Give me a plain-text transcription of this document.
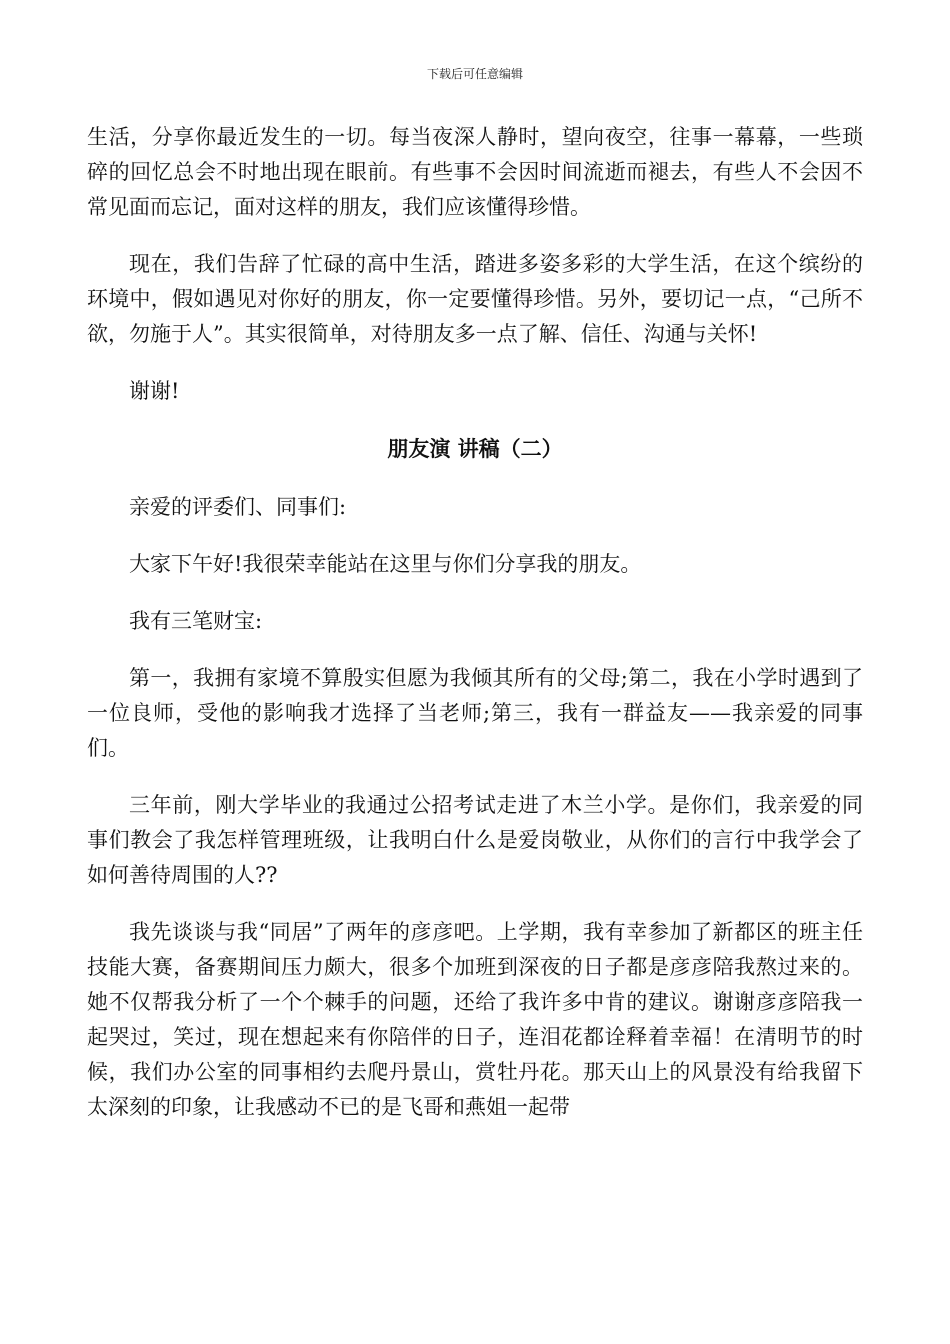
下载后可任意编辑

生活，分享你最近发生的一切。每当夜深人静时，望向夜空，往事一幕幕，一些琐碎的回忆总会不时地出现在眼前。有些事不会因时间流逝而褪去，有些人不会因不常见面而忘记，面对这样的朋友，我们应该懂得珍惜。

现在，我们告辞了忙碌的高中生活，踏进多姿多彩的大学生活，在这个缤纷的环境中，假如遇见对你好的朋友，你一定要懂得珍惜。另外，要切记一点，“己所不欲，勿施于人”。其实很简单，对待朋友多一点了解、信任、沟通与关怀!

谢谢!

朋友演 讲稿（二）

亲爱的评委们、同事们:

大家下午好!我很荣幸能站在这里与你们分享我的朋友。

我有三笔财宝:

第一，我拥有家境不算殷实但愿为我倾其所有的父母;第二，我在小学时遇到了一位良师，受他的影响我才选择了当老师;第三，我有一群益友——我亲爱的同事们。

三年前，刚大学毕业的我通过公招考试走进了木兰小学。是你们，我亲爱的同事们教会了我怎样管理班级，让我明白什么是爱岗敬业，从你们的言行中我学会了如何善待周围的人??

我先谈谈与我“同居”了两年的彦彦吧。上学期，我有幸参加了新都区的班主任技能大赛，备赛期间压力颇大，很多个加班到深夜的日子都是彦彦陪我熬过来的。她不仅帮我分析了一个个棘手的问题，还给了我许多中肯的建议。谢谢彦彦陪我一起哭过，笑过，现在想起来有你陪伴的日子，连泪花都诠释着幸福！在清明节的时候，我们办公室的同事相约去爬丹景山，赏牡丹花。那天山上的风景没有给我留下太深刻的印象，让我感动不已的是飞哥和燕姐一起带
